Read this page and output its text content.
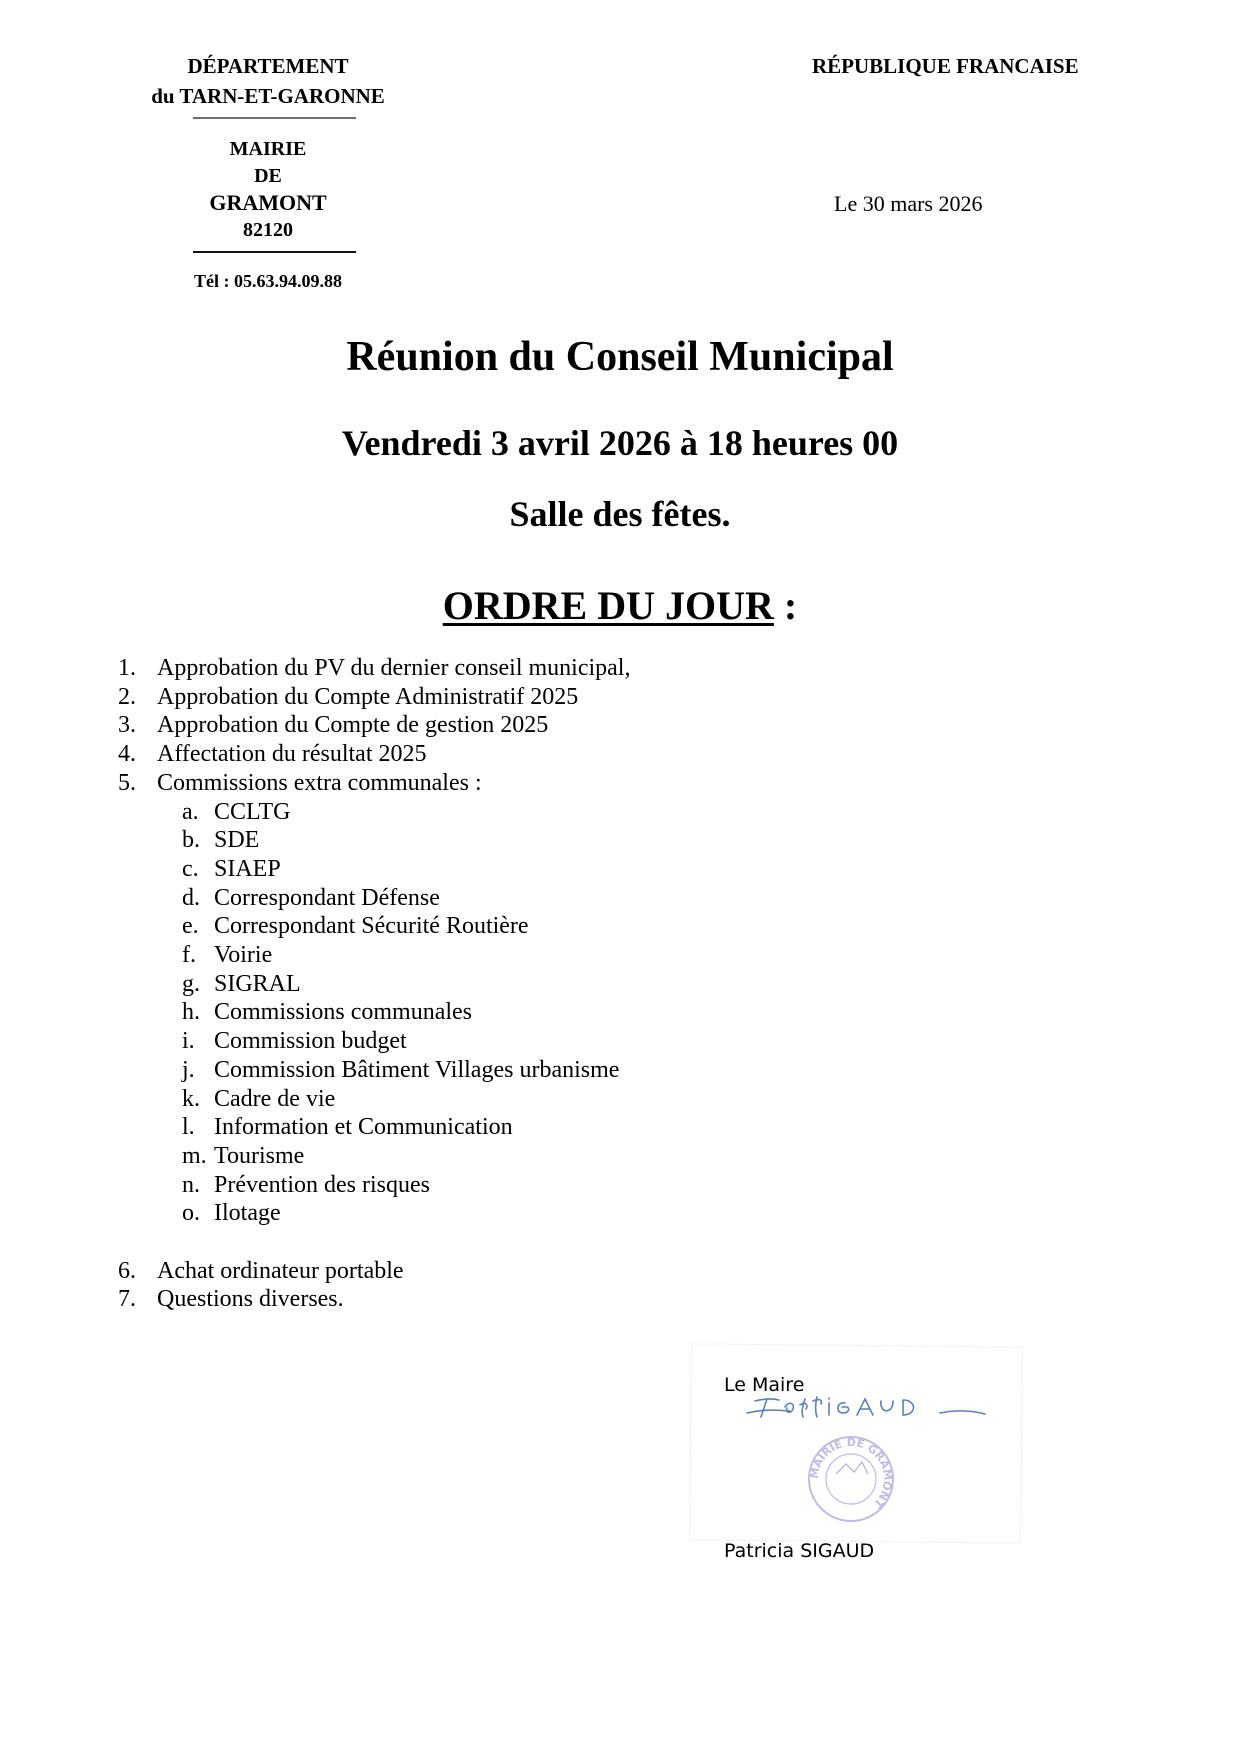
DÉPARTEMENT
du TARN-ET-GARONNE
MAIRIE
DE
GRAMONT
82120
Tél : 05.63.94.09.88
RÉPUBLIQUE FRANCAISE
Le 30 mars 2026
Réunion du Conseil Municipal
Vendredi 3 avril 2026 à 18 heures 00
Salle des fêtes.
ORDRE DU JOUR :
1. Approbation du PV du dernier conseil municipal,
2. Approbation du Compte Administratif 2025
3. Approbation du Compte de gestion 2025
4. Affectation du résultat 2025
5. Commissions extra communales :
a. CCLTG
b. SDE
c. SIAEP
d. Correspondant Défense
e. Correspondant Sécurité Routière
f. Voirie
g. SIGRAL
h. Commissions communales
i. Commission budget
j. Commission Bâtiment Villages urbanisme
k. Cadre de vie
l. Information et Communication
m. Tourisme
n. Prévention des risques
o. Ilotage
6. Achat ordinateur portable
7. Questions diverses.
Le Maire
MAIRIE DE GRAMONT
Patricia SIGAUD
